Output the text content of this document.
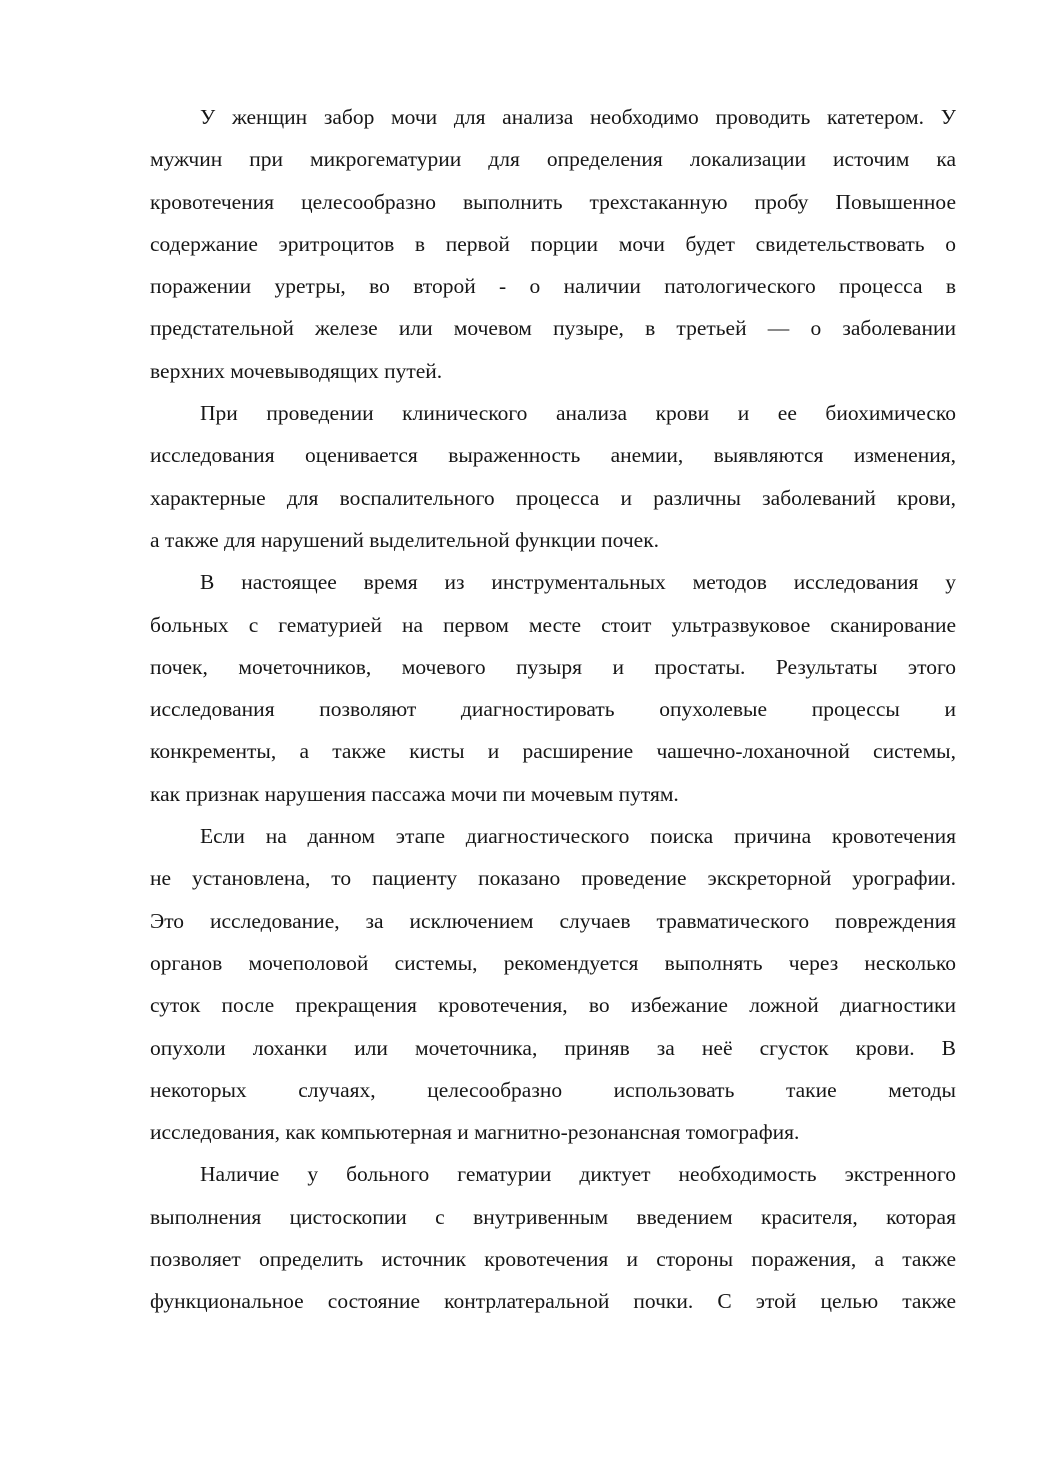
У женщин забор мочи для анализа необходимо проводить катетером. У
мужчин при микрогематурии для определения локализации источим ка
кровотечения целесообразно выполнить трехстаканную пробу Повышенное
содержание эритроцитов в первой порции мочи будет свидетельствовать о
поражении уретры, во второй - о наличии патологического процесса в
предстательной железе или мочевом пузыре, в третьей — о заболевании
верхних мочевыводящих путей.
При проведении клинического анализа крови и ее биохимическо
исследования оценивается выраженность анемии, выявляются изменения,
характерные для воспалительного процесса и различны заболеваний крови,
а также для нарушений выделительной функции почек.
В настоящее время из инструментальных методов исследования у
больных с гематурией на первом месте стоит ультразвуковое сканирование
почек, мочеточников, мочевого пузыря и простаты. Результаты этого
исследования позволяют диагностировать опухолевые процессы и
конкременты, а также кисты и расширение чашечно-лоханочной системы,
как признак нарушения пассажа мочи пи мочевым путям.
Если на данном этапе диагностического поиска причина кровотечения
не установлена, то пациенту показано проведение экскреторной урографии.
Это исследование, за исключением случаев травматического повреждения
органов мочеполовой системы, рекомендуется выполнять через несколько
суток после прекращения кровотечения, во избежание ложной диагностики
опухоли лоханки или мочеточника, приняв за неё сгусток крови. В
некоторых случаях, целесообразно использовать такие методы
исследования, как компьютерная и магнитно-резонансная томография.
Наличие у больного гематурии диктует необходимость экстренного
выполнения цистоскопии с внутривенным введением красителя, которая
позволяет определить источник кровотечения и стороны поражения, а также
функциональное состояние контрлатеральной почки. С этой целью также
